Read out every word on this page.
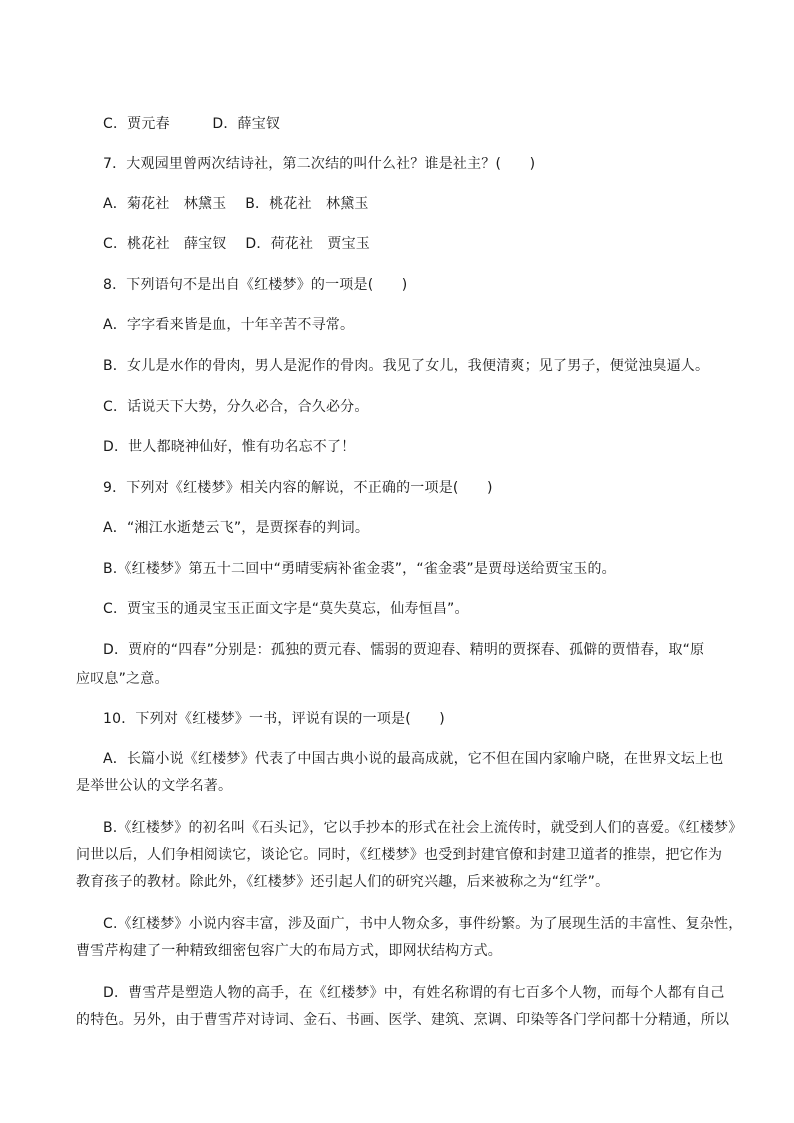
C．贾元春　　　D．薛宝钗
7．大观园里曾两次结诗社，第二次结的叫什么社？谁是社主？(　　)
A．菊花社　林黛玉　 B．桃花社　林黛玉
C．桃花社　薛宝钗　 D．荷花社　贾宝玉
8．下列语句不是出自《红楼梦》的一项是(　　)
A．字字看来皆是血，十年辛苦不寻常。
B．女儿是水作的骨肉，男人是泥作的骨肉。我见了女儿，我便清爽；见了男子，便觉浊臭逼人。
C．话说天下大势，分久必合，合久必分。
D．世人都晓神仙好，惟有功名忘不了！
9．下列对《红楼梦》相关内容的解说，不正确的一项是(　　)
A．“湘江水逝楚云飞”，是贾探春的判词。
B.《红楼梦》第五十二回中“勇晴雯病补雀金裘”，“雀金裘”是贾母送给贾宝玉的。
C．贾宝玉的通灵宝玉正面文字是“莫失莫忘，仙寿恒昌”。
D．贾府的“四春”分别是：孤独的贾元春、懦弱的贾迎春、精明的贾探春、孤僻的贾惜春，取“原
应叹息”之意。
10．下列对《红楼梦》一书，评说有误的一项是(　　)
A．长篇小说《红楼梦》代表了中国古典小说的最高成就，它不但在国内家喻户晓，在世界文坛上也
是举世公认的文学名著。
B.《红楼梦》的初名叫《石头记》，它以手抄本的形式在社会上流传时，就受到人们的喜爱。《红楼梦》
问世以后，人们争相阅读它，谈论它。同时，《红楼梦》也受到封建官僚和封建卫道者的推崇，把它作为
教育孩子的教材。除此外，《红楼梦》还引起人们的研究兴趣，后来被称之为“红学”。
C.《红楼梦》小说内容丰富，涉及面广，书中人物众多，事件纷繁。为了展现生活的丰富性、复杂性，
曹雪芹构建了一种精致细密包容广大的布局方式，即网状结构方式。
D．曹雪芹是塑造人物的高手，在《红楼梦》中，有姓名称谓的有七百多个人物，而每个人都有自己
的特色。另外，由于曹雪芹对诗词、金石、书画、医学、建筑、烹调、印染等各门学问都十分精通，所以
